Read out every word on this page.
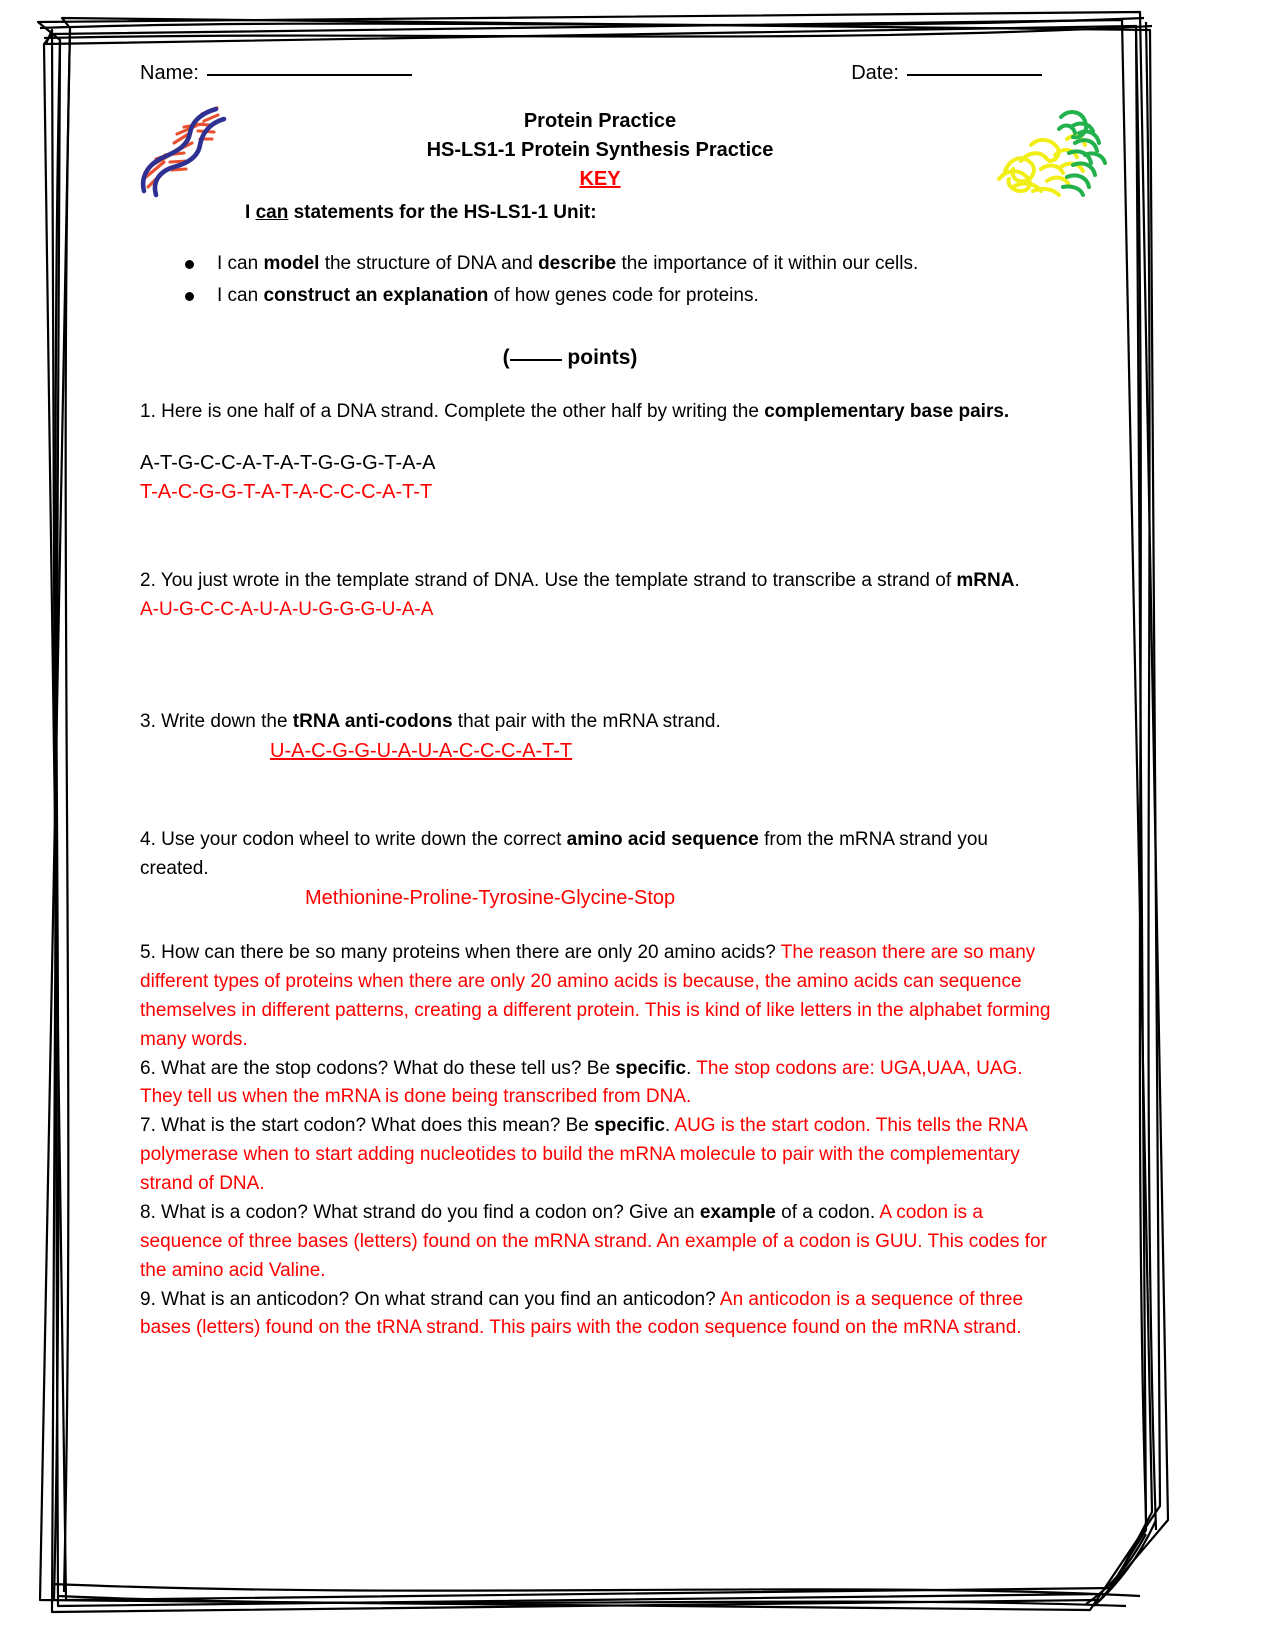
Name:	Date:
Protein Practice
HS-LS1-1 Protein Synthesis Practice
KEY
I can statements for the HS-LS1-1 Unit:
I can model the structure of DNA and describe the importance of it within our cells.
I can construct an explanation of how genes code for proteins.
( points)
1. Here is one half of a DNA strand. Complete the other half by writing the complementary base pairs.
A-T-G-C-C-A-T-A-T-G-G-G-T-A-A
T-A-C-G-G-T-A-T-A-C-C-C-A-T-T
2. You just wrote in the template strand of DNA. Use the template strand to transcribe a strand of mRNA.A-U-G-C-C-A-U-A-U-G-G-G-U-A-A
3. Write down the tRNA anti-codons that pair with the mRNA strand.
U-A-C-G-G-U-A-U-A-C-C-C-A-T-T
4. Use your codon wheel to write down the correct amino acid sequence from the mRNA strand you created.
Methionine-Proline-Tyrosine-Glycine-Stop

5. How can there be so many proteins when there are only 20 amino acids? The reason there are so many different types of proteins when there are only 20 amino acids is because, the amino acids can sequence themselves in different patterns, creating a different protein. This is kind of like letters in the alphabet forming many words.

6. What are the stop codons? What do these tell us? Be specific. The stop codons are: UGA,UAA, UAG. They tell us when the mRNA is done being transcribed from DNA.

7. What is the start codon? What does this mean? Be specific. AUG is the start codon. This tells the RNA polymerase when to start adding nucleotides to build the mRNA molecule to pair with the complementary strand of DNA.

8. What is a codon? What strand do you find a codon on? Give an example of a codon. A codon is a sequence of three bases (letters) found on the mRNA strand. An example of a codon is GUU. This codes for the amino acid Valine.

9. What is an anticodon? On what strand can you find an anticodon? An anticodon is a sequence of three bases (letters) found on the tRNA strand. This pairs with the codon sequence found on the mRNA strand.
